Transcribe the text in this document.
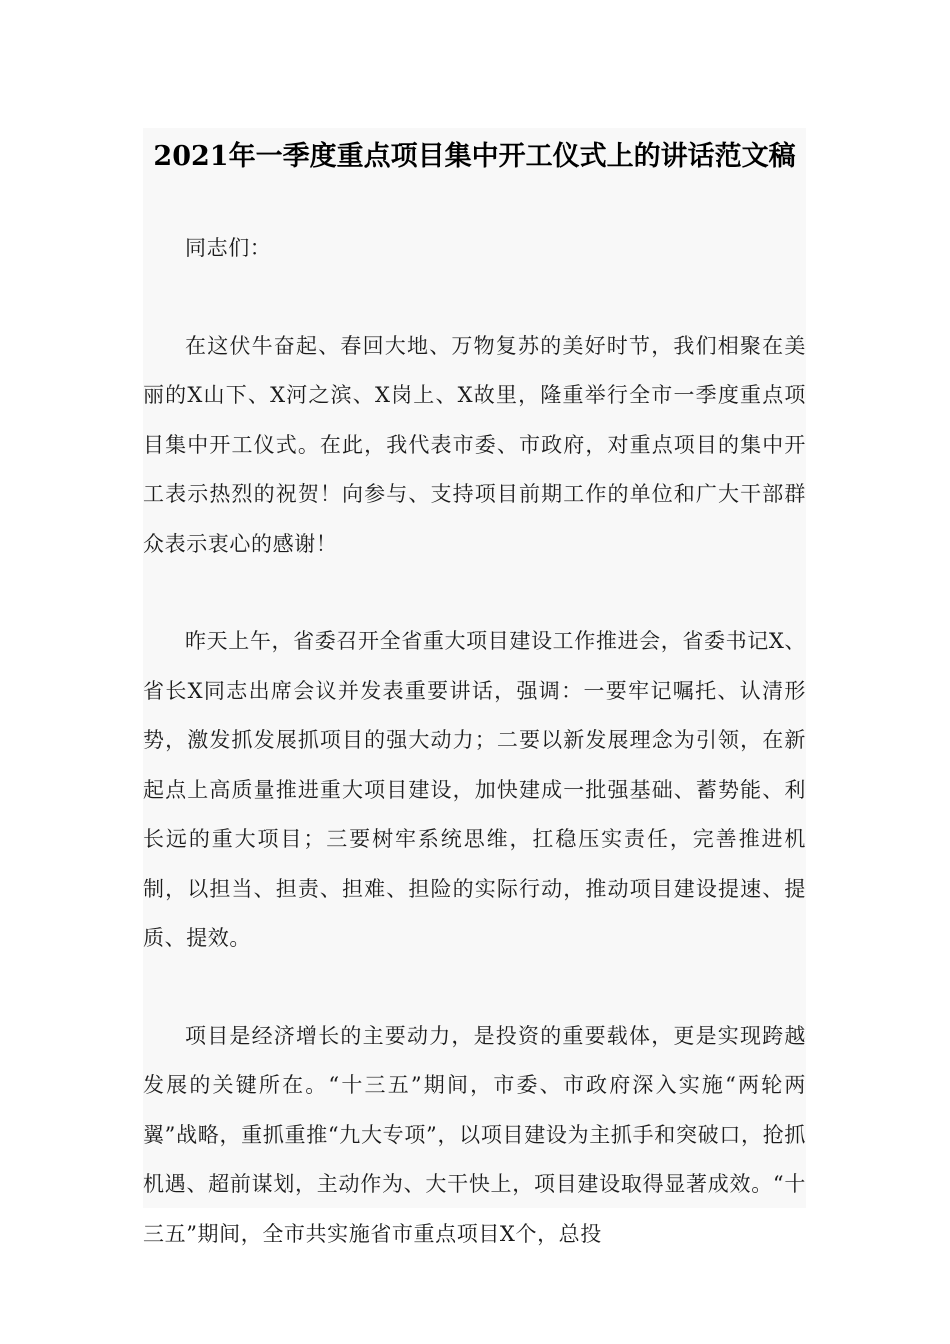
2021年一季度重点项目集中开工仪式上的讲话范文稿

同志们：

在这伏牛奋起、春回大地、万物复苏的美好时节，我们相聚在美丽的X山下、X河之滨、X岗上、X故里，隆重举行全市一季度重点项目集中开工仪式。在此，我代表市委、市政府，对重点项目的集中开工表示热烈的祝贺！向参与、支持项目前期工作的单位和广大干部群众表示衷心的感谢！

昨天上午，省委召开全省重大项目建设工作推进会，省委书记X、省长X同志出席会议并发表重要讲话，强调：一要牢记嘱托、认清形势，激发抓发展抓项目的强大动力；二要以新发展理念为引领，在新起点上高质量推进重大项目建设，加快建成一批强基础、蓄势能、利长远的重大项目；三要树牢系统思维，扛稳压实责任，完善推进机制，以担当、担责、担难、担险的实际行动，推动项目建设提速、提质、提效。

项目是经济增长的主要动力，是投资的重要载体，更是实现跨越发展的关键所在。“十三五”期间，市委、市政府深入实施“两轮两翼”战略，重抓重推“九大专项”，以项目建设为主抓手和突破口，抢抓机遇、超前谋划，主动作为、大干快上，项目建设取得显著成效。“十三五”期间，全市共实施省市重点项目X个，总投
